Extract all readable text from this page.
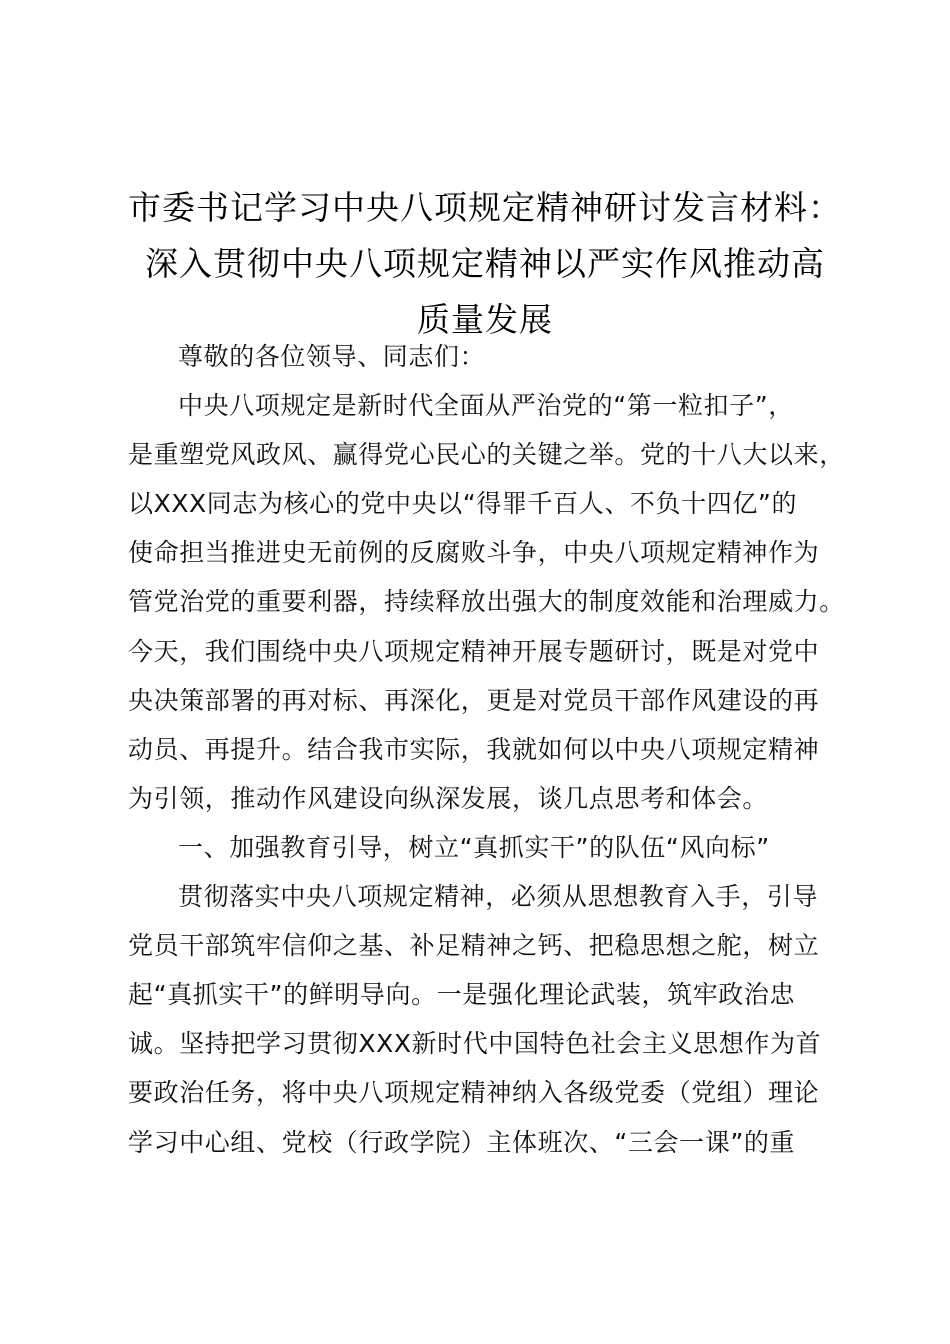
市委书记学习中央八项规定精神研讨发言材料：
深入贯彻中央八项规定精神以严实作风推动高
质量发展
尊敬的各位领导、同志们：
中央八项规定是新时代全面从严治党的“第一粒扣子”，
是重塑党风政风、赢得党心民心的关键之举。党的十八大以来，
以XXX同志为核心的党中央以“得罪千百人、不负十四亿”的
使命担当推进史无前例的反腐败斗争，中央八项规定精神作为
管党治党的重要利器，持续释放出强大的制度效能和治理威力。
今天，我们围绕中央八项规定精神开展专题研讨，既是对党中
央决策部署的再对标、再深化，更是对党员干部作风建设的再
动员、再提升。结合我市实际，我就如何以中央八项规定精神
为引领，推动作风建设向纵深发展，谈几点思考和体会。
一、加强教育引导，树立“真抓实干”的队伍“风向标”
贯彻落实中央八项规定精神，必须从思想教育入手，引导
党员干部筑牢信仰之基、补足精神之钙、把稳思想之舵，树立
起“真抓实干”的鲜明导向。一是强化理论武装，筑牢政治忠
诚。坚持把学习贯彻XXX新时代中国特色社会主义思想作为首
要政治任务，将中央八项规定精神纳入各级党委（党组）理论
学习中心组、党校（行政学院）主体班次、“三会一课”的重
